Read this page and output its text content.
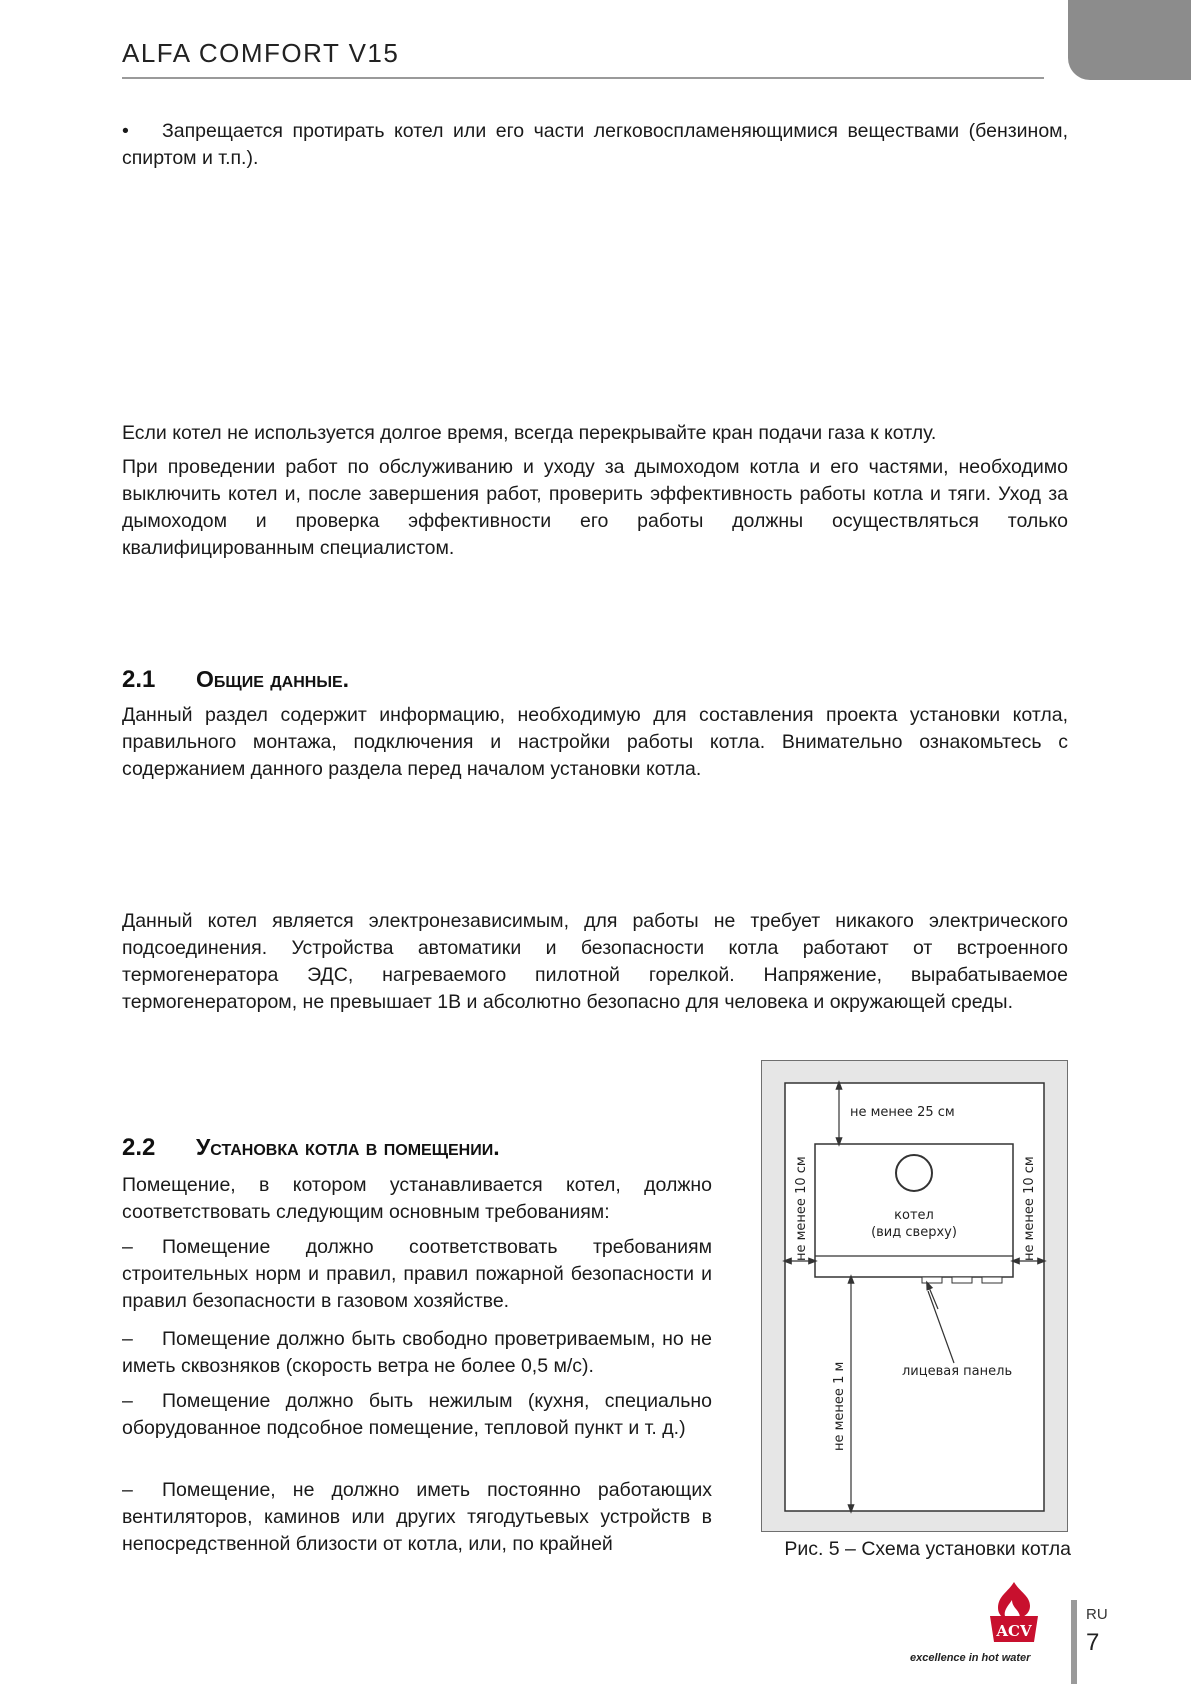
ALFA COMFORT V15
• Запрещается протирать котел или его части легковоспламеняющимися веществами (бензином, спиртом и т.п.).

Если котел не используется долгое время, всегда перекрывайте кран подачи газа к котлу.

При проведении работ по обслуживанию и уходу за дымоходом котла и его частями, необходимо выключить котел и, после завершения работ, проверить эффективность работы котла и тяги. Уход за дымоходом и проверка эффективности его работы должны осуществляться только квалифицированным специалистом.

2.1	Общие данные.

Данный раздел содержит информацию, необходимую для составления проекта установки котла, правильного монтажа, подключения и настройки работы котла. Внимательно ознакомьтесь с содержанием данного раздела перед началом установки котла.

Данный котел является электронезависимым, для работы не требует никакого электрического подсоединения. Устройства автоматики и безопасности котла работают от встроенного термогенератора ЭДС, нагреваемого пилотной горелкой. Напряжение, вырабатываемое термогенератором, не превышает 1В и абсолютно безопасно для человека и окружающей среды.

2.2	Установка котла в помещении.

Помещение, в котором устанавливается котел, должно соответствовать следующим основным требованиям:

– Помещение должно соответствовать требованиям строительных норм и правил, правил пожарной безопасности и правил безопасности в газовом хозяйстве.

– Помещение должно быть свободно проветриваемым, но не иметь сквозняков (скорость ветра не более 0,5 м/с).

– Помещение должно быть нежилым (кухня, специально оборудованное подсобное помещение, тепловой пункт и т. д.)

– Помещение, не должно иметь постоянно работающих вентиляторов, каминов или других тягодутьевых устройств в непосредственной близости от котла, или, по крайней

котел
(вид сверху)
не менее 25 см
не менее 10 см	не менее 10 см
не менее 1 м	лицевая панель
Рис. 5 – Схема установки котла
ACV
excellence in hot water
RU
7
